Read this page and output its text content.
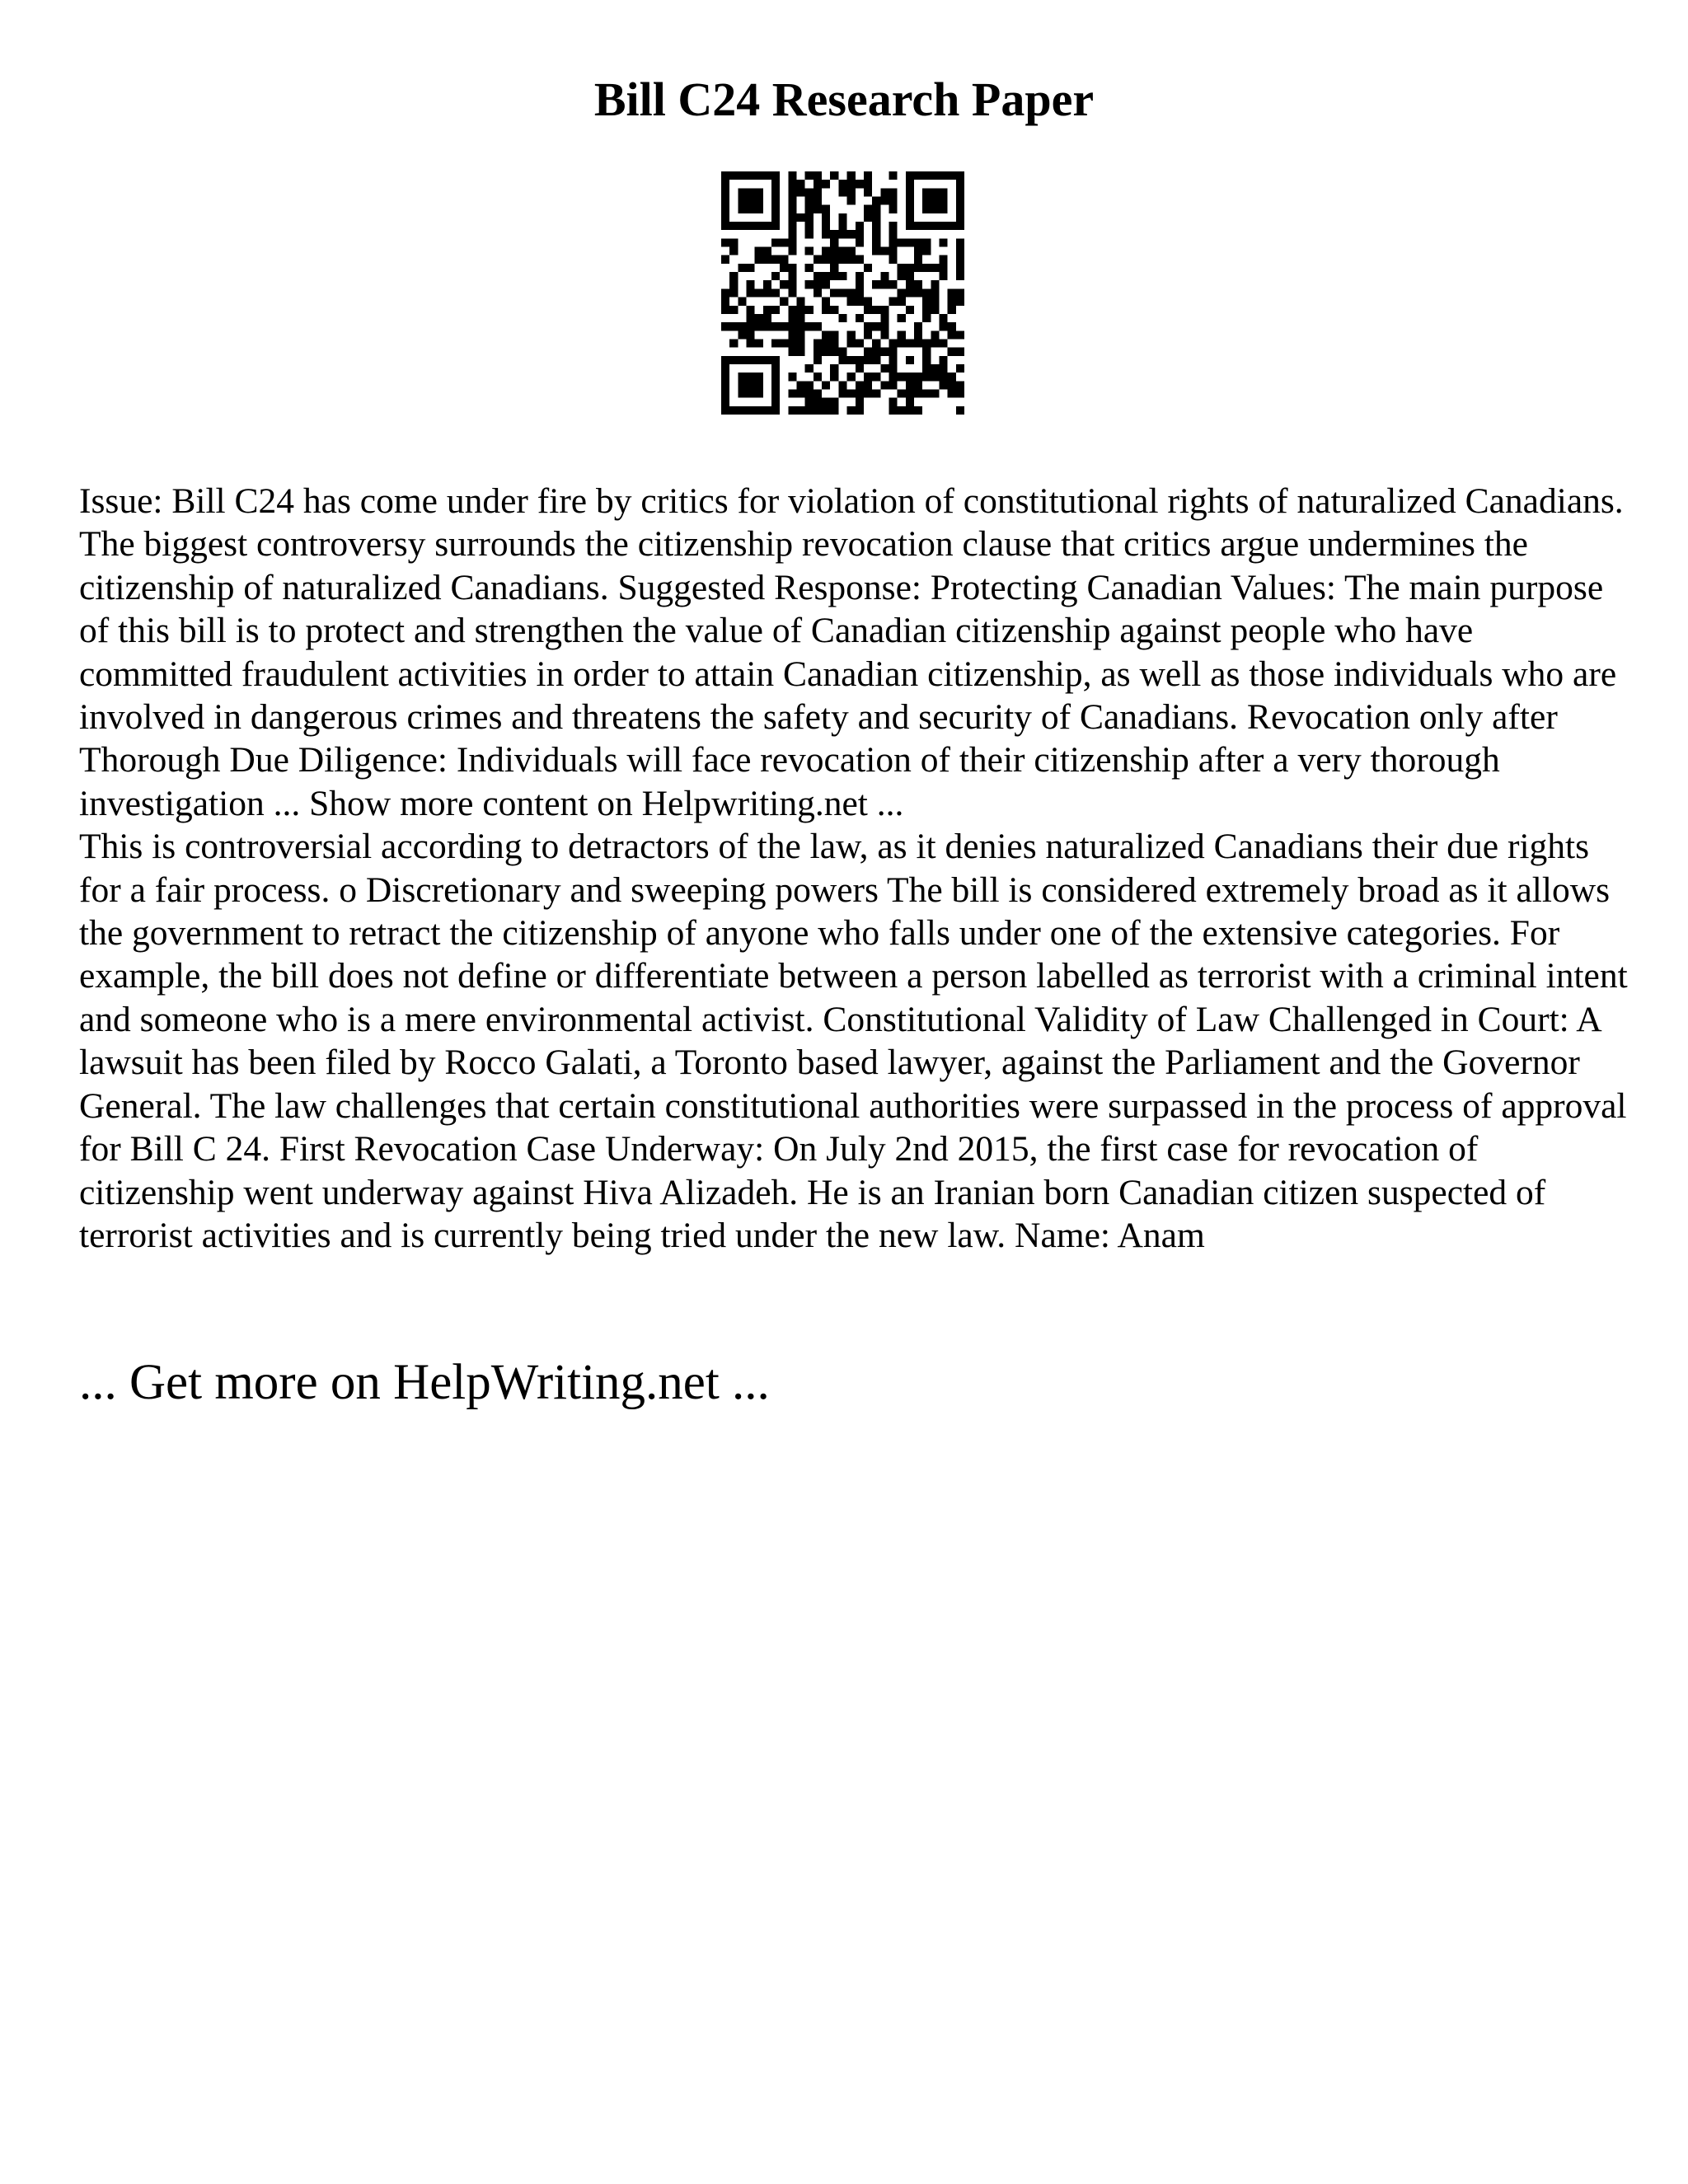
Bill C24 Research Paper

Issue: Bill C24 has come under fire by critics for violation of constitutional rights of naturalized Canadians. The biggest controversy surrounds the citizenship revocation clause that critics argue undermines the citizenship of naturalized Canadians. Suggested Response: Protecting Canadian Values: The main purpose of this bill is to protect and strengthen the value of Canadian citizenship against people who have committed fraudulent activities in order to attain Canadian citizenship, as well as those individuals who are involved in dangerous crimes and threatens the safety and security of Canadians. Revocation only after Thorough Due Diligence: Individuals will face revocation of their citizenship after a very thorough investigation ... Show more content on Helpwriting.net ...

This is controversial according to detractors of the law, as it denies naturalized Canadians their due rights for a fair process. o Discretionary and sweeping powers The bill is considered extremely broad as it allows the government to retract the citizenship of anyone who falls under one of the extensive categories. For example, the bill does not define or differentiate between a person labelled as terrorist with a criminal intent and someone who is a mere environmental activist. Constitutional Validity of Law Challenged in Court: A lawsuit has been filed by Rocco Galati, a Toronto based lawyer, against the Parliament and the Governor General. The law challenges that certain constitutional authorities were surpassed in the process of approval for Bill C 24. First Revocation Case Underway: On July 2nd 2015, the first case for revocation of citizenship went underway against Hiva Alizadeh. He is an Iranian born Canadian citizen suspected of terrorist activities and is currently being tried under the new law. Name: Anam

... Get more on HelpWriting.net ...
